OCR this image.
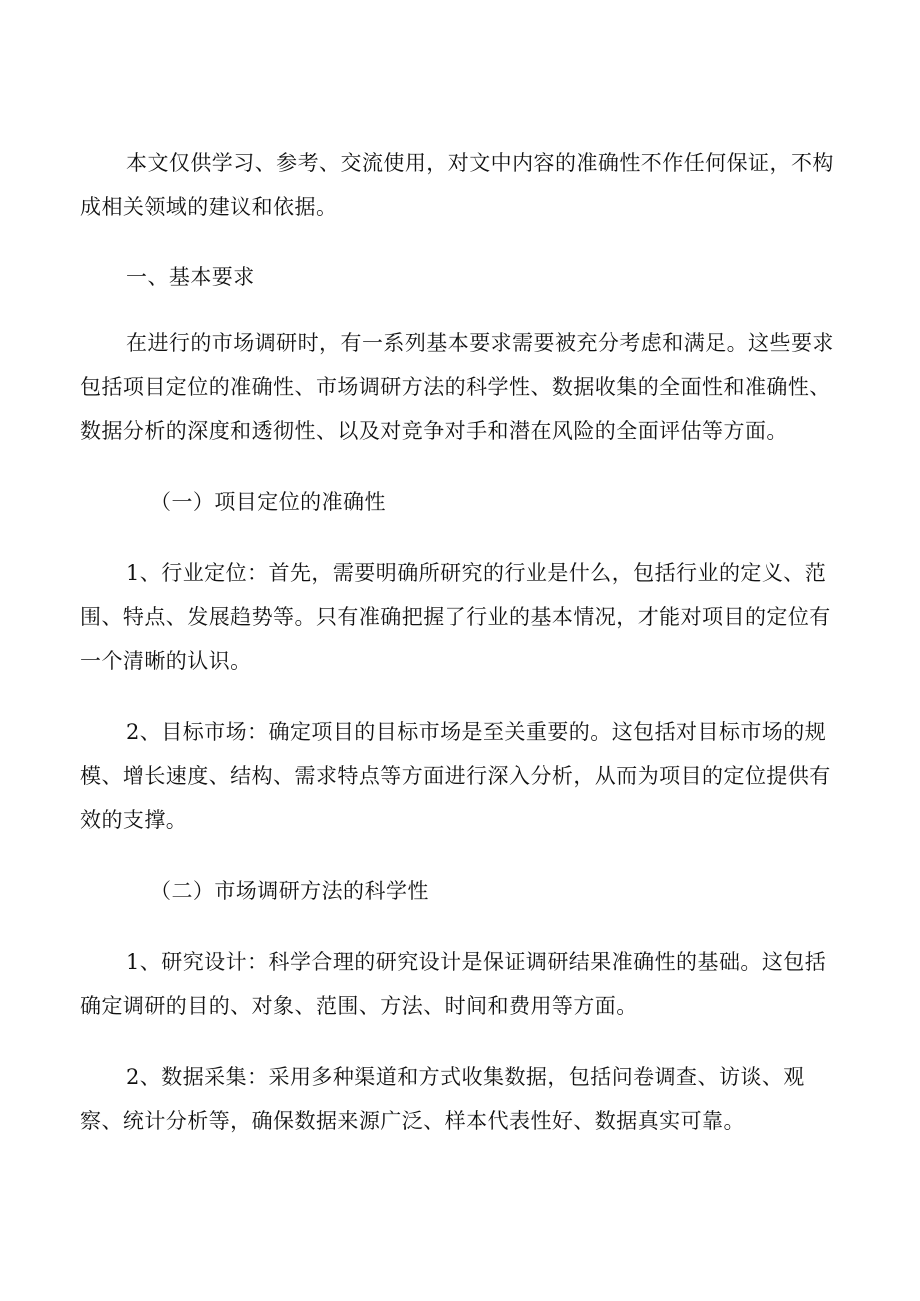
本文仅供学习、参考、交流使用，对文中内容的准确性不作任何保证，不构成相关领域的建议和依据。

一、基本要求

在进行的市场调研时，有一系列基本要求需要被充分考虑和满足。这些要求包括项目定位的准确性、市场调研方法的科学性、数据收集的全面性和准确性、数据分析的深度和透彻性、以及对竞争对手和潜在风险的全面评估等方面。

（一）项目定位的准确性

1、行业定位：首先，需要明确所研究的行业是什么，包括行业的定义、范围、特点、发展趋势等。只有准确把握了行业的基本情况，才能对项目的定位有一个清晰的认识。

2、目标市场：确定项目的目标市场是至关重要的。这包括对目标市场的规模、增长速度、结构、需求特点等方面进行深入分析，从而为项目的定位提供有效的支撑。

（二）市场调研方法的科学性

1、研究设计：科学合理的研究设计是保证调研结果准确性的基础。这包括确定调研的目的、对象、范围、方法、时间和费用等方面。

2、数据采集：采用多种渠道和方式收集数据，包括问卷调查、访谈、观察、统计分析等，确保数据来源广泛、样本代表性好、数据真实可靠。
